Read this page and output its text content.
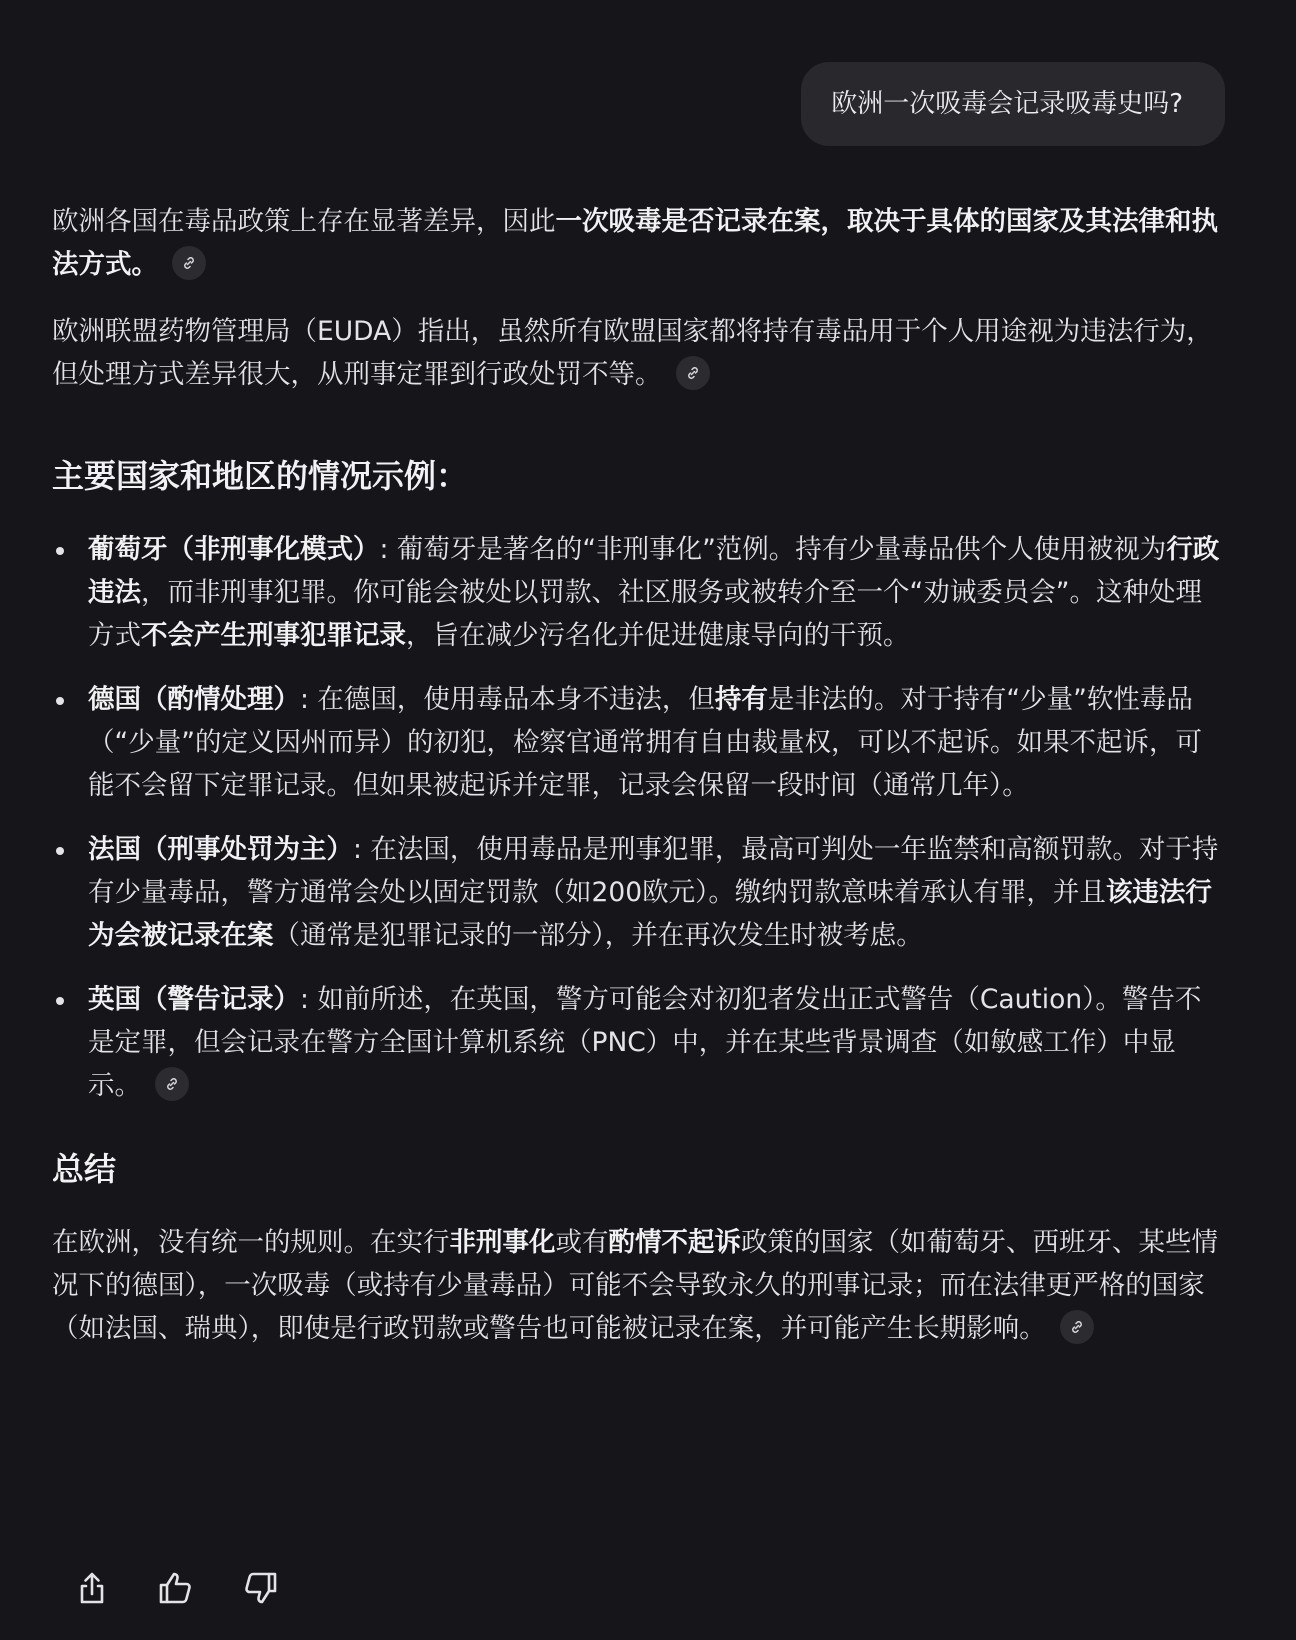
欧洲一次吸毒会记录吸毒史吗?

欧洲各国在毒品政策上存在显著差异，因此一次吸毒是否记录在案，取决于具体的国家及其法律和执法方式。

欧洲联盟药物管理局（EUDA）指出，虽然所有欧盟国家都将持有毒品用于个人用途视为违法行为，但处理方式差异很大，从刑事定罪到行政处罚不等。

主要国家和地区的情况示例：
葡萄牙（非刑事化模式）: 葡萄牙是著名的“非刑事化”范例。持有少量毒品供个人使用被视为行政违法，而非刑事犯罪。你可能会被处以罚款、社区服务或被转介至一个“劝诫委员会”。这种处理方式不会产生刑事犯罪记录，旨在减少污名化并促进健康导向的干预。
德国（酌情处理）: 在德国，使用毒品本身不违法，但持有是非法的。对于持有“少量”软性毒品（“少量”的定义因州而异）的初犯，检察官通常拥有自由裁量权，可以不起诉。如果不起诉，可能不会留下定罪记录。但如果被起诉并定罪，记录会保留一段时间（通常几年）。
法国（刑事处罚为主）: 在法国，使用毒品是刑事犯罪，最高可判处一年监禁和高额罚款。对于持有少量毒品，警方通常会处以固定罚款（如200欧元）。缴纳罚款意味着承认有罪，并且该违法行为会被记录在案（通常是犯罪记录的一部分），并在再次发生时被考虑。
英国（警告记录）: 如前所述，在英国，警方可能会对初犯者发出正式警告（Caution）。警告不是定罪，但会记录在警方全国计算机系统（PNC）中，并在某些背景调查（如敏感工作）中显示。
总结

在欧洲，没有统一的规则。在实行非刑事化或有酌情不起诉政策的国家（如葡萄牙、西班牙、某些情况下的德国），一次吸毒（或持有少量毒品）可能不会导致永久的刑事记录；而在法律更严格的国家（如法国、瑞典），即使是行政罚款或警告也可能被记录在案，并可能产生长期影响。
